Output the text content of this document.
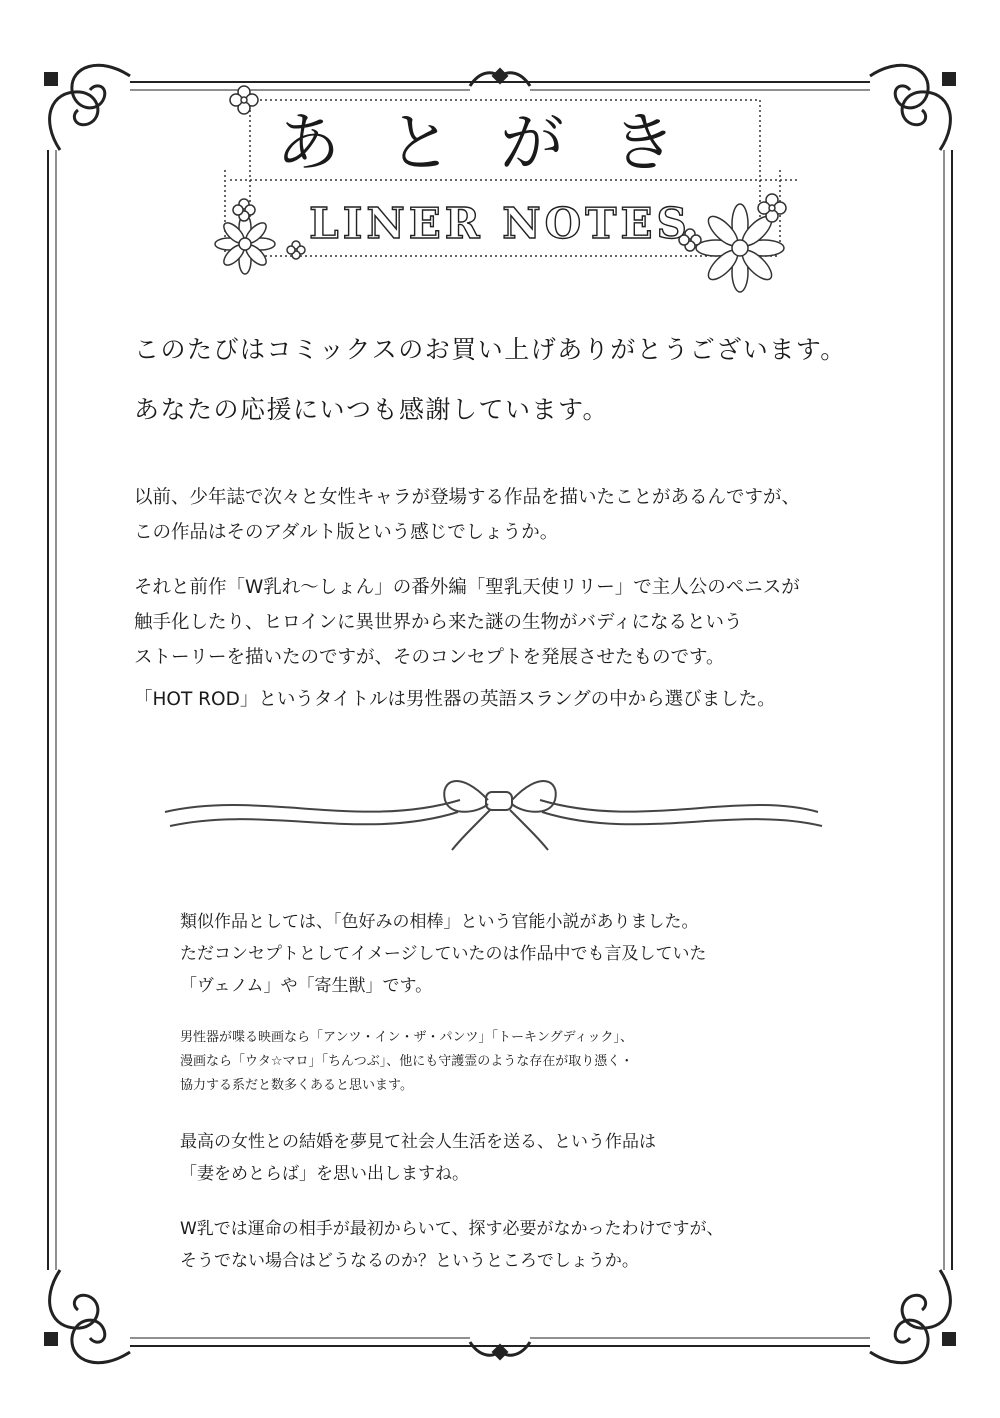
あとがき
LINER NOTES
このたびはコミックスのお買い上げありがとうございます。
あなたの応援にいつも感謝しています。

以前、少年誌で次々と女性キャラが登場する作品を描いたことがあるんですが、

この作品はそのアダルト版という感じでしょうか。

それと前作「W乳れ〜しょん」の番外編「聖乳天使リリー」で主人公のペニスが

触手化したり、ヒロインに異世界から来た謎の生物がバディになるという

ストーリーを描いたのですが、そのコンセプトを発展させたものです。

「HOT ROD」というタイトルは男性器の英語スラングの中から選びました。

類似作品としては、「色好みの相棒」という官能小説がありました。

ただコンセプトとしてイメージしていたのは作品中でも言及していた

「ヴェノム」や「寄生獣」です。

男性器が喋る映画なら「アンツ・イン・ザ・パンツ」「トーキングディック」、

漫画なら「ウタ☆マロ」「ちんつぶ」、他にも守護霊のような存在が取り憑く・

協力する系だと数多くあると思います。

最高の女性との結婚を夢見て社会人生活を送る、という作品は

「妻をめとらば」を思い出しますね。

W乳では運命の相手が最初からいて、探す必要がなかったわけですが、

そうでない場合はどうなるのか？というところでしょうか。
